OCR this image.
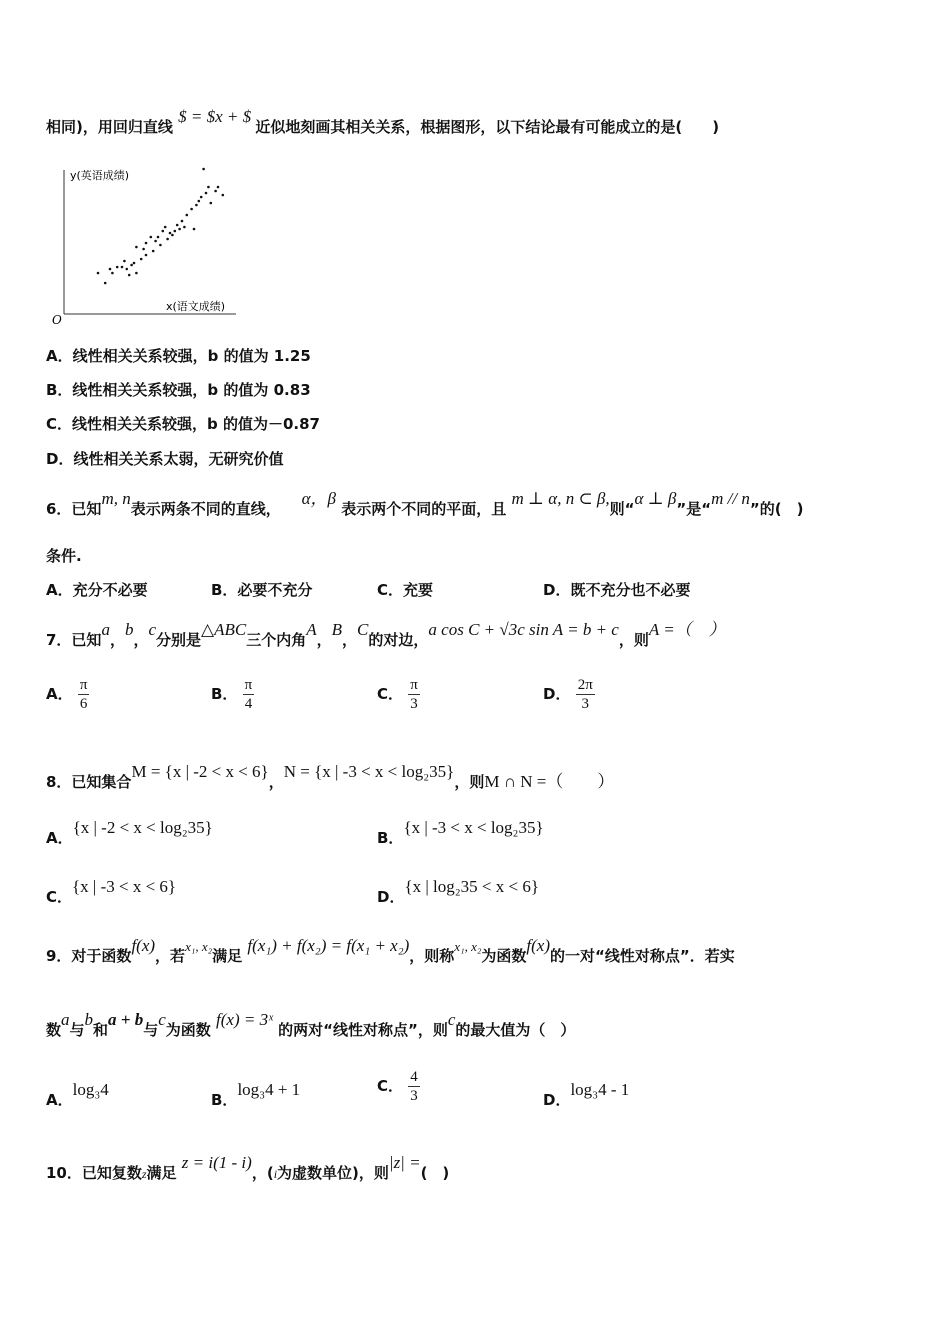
相同)，用回归直线 $ = $x + $ 近似地刻画其相关关系，根据图形，以下结论最有可能成立的是(　　)
y(英语成绩)
x(语文成绩)
O
A．线性相关关系较强，b 的值为 1.25
B．线性相关关系较强，b 的值为 0.83
C．线性相关关系较强，b 的值为－0.87
D．线性相关关系太弱，无研究价值
6．已知m, n表示两条不同的直线，    α，β 表示两个不同的平面，且 m ⊥ α, n ⊂ β,则“α ⊥ β”是“m // n”的(　)
条件.
A．充分不必要	B．必要不充分	C．充要	D．既不充分也不必要
7．已知a，b，c分别是△ABC三个内角A，B，C的对边，a cos C + √3c sin A = b + c，则A =（　）
A． $\frac{\pi}{6}$	B． $\frac{\pi}{4}$	C． $\frac{\pi}{3}$	D． $\frac{2\pi}{3}$
8．已知集合M = {x | -2 < x < 6}，N = {x | -3 < x < log₂35}，则M ∩ N =（　　）
A．{x | -2 < x < log₂35}
B．{x | -3 < x < log₂35}
C．{x | -3 < x < 6}
D．{x | log₂35 < x < 6}
9．对于函数f(x)，若x₁, x₂满足 f(x₁) + f(x₂) = f(x₁ + x₂)，则称x₁, x₂为函数f(x)的一对“线性对称点”．若实
数a与b和a + b与c为函数 f(x) = 3ˣ 的两对“线性对称点”，则c的最大值为（　）
A．log₃4
B．log₃4 + 1	C． $\frac{4}{3}$	D．log₃4 - 1
10．已知复数z满足 z = i(1 - i)，(i为虚数单位)，则|z| =(　)
